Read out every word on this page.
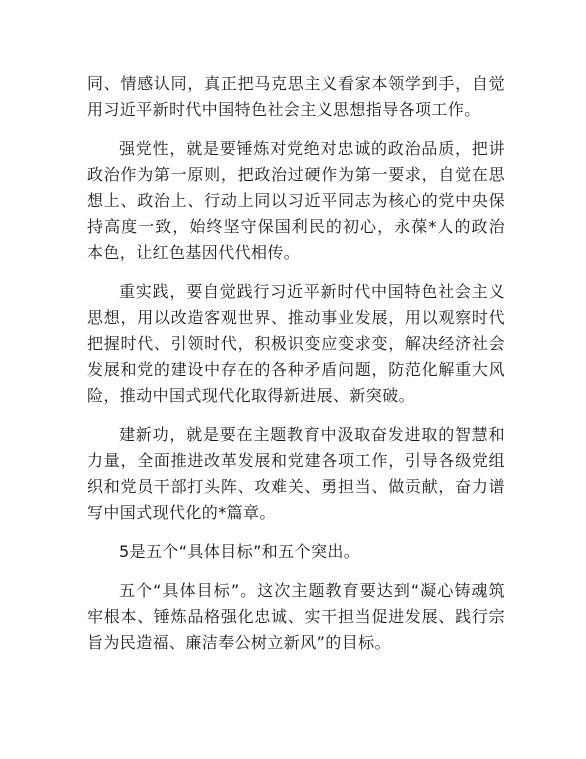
同、情感认同，真正把马克思主义看家本领学到手，自觉用习近平新时代中国特色社会主义思想指导各项工作。

强党性，就是要锤炼对党绝对忠诚的政治品质，把讲政治作为第一原则，把政治过硬作为第一要求，自觉在思想上、政治上、行动上同以习近平同志为核心的党中央保持高度一致，始终坚守保国利民的初心，永葆*人的政治本色，让红色基因代代相传。

重实践，要自觉践行习近平新时代中国特色社会主义思想，用以改造客观世界、推动事业发展，用以观察时代把握时代、引领时代，积极识变应变求变，解决经济社会发展和党的建设中存在的各种矛盾问题，防范化解重大风险，推动中国式现代化取得新进展、新突破。

建新功，就是要在主题教育中汲取奋发进取的智慧和力量，全面推进改革发展和党建各项工作，引导各级党组织和党员干部打头阵、攻难关、勇担当、做贡献，奋力谱写中国式现代化的*篇章。

5是五个“具体目标”和五个突出。

五个“具体目标”。这次主题教育要达到“凝心铸魂筑牢根本、锤炼品格强化忠诚、实干担当促进发展、践行宗旨为民造福、廉洁奉公树立新风”的目标。
